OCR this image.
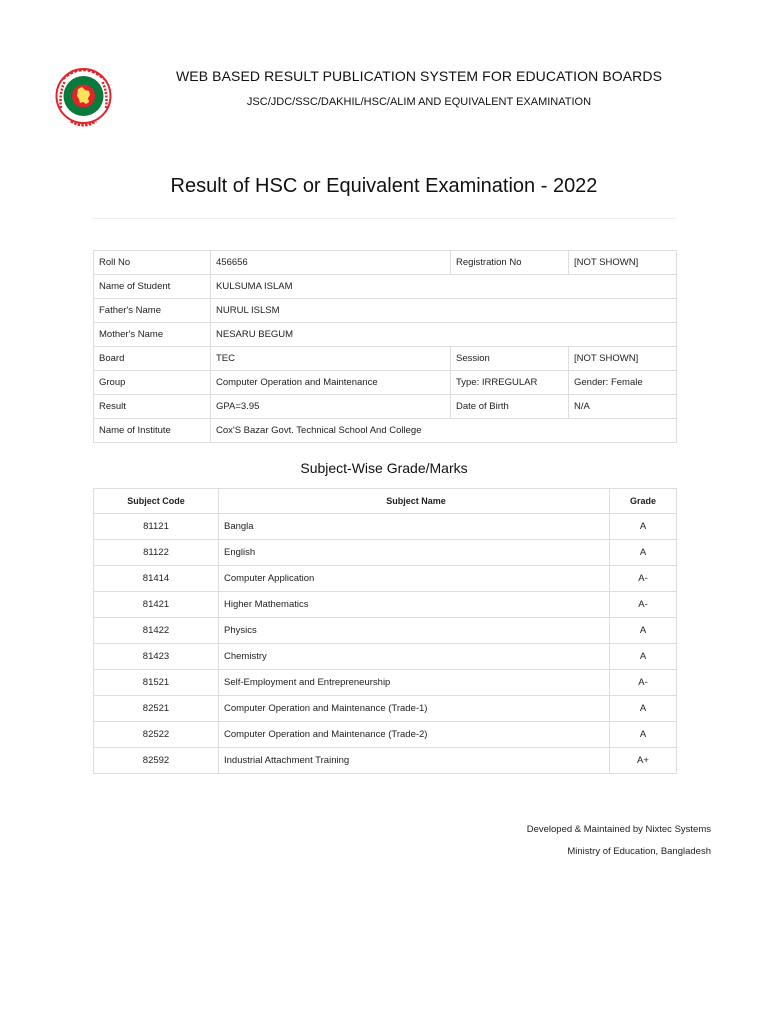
WEB BASED RESULT PUBLICATION SYSTEM FOR EDUCATION BOARDS
JSC/JDC/SSC/DAKHIL/HSC/ALIM AND EQUIVALENT EXAMINATION
Result of HSC or Equivalent Examination - 2022
Roll No	456656	Registration No	[NOT SHOWN]
Name of Student	KULSUMA ISLAM		
Father's Name	NURUL ISLSM		
Mother's Name	NESARU BEGUM		
Board	TEC	Session	[NOT SHOWN]
Group	Computer Operation and Maintenance	Type: IRREGULAR	Gender: Female
Result	GPA=3.95	Date of Birth	N/A
Name of Institute	Cox'S Bazar Govt. Technical School And College		
Subject-Wise Grade/Marks
Subject Code	Subject Name	Grade
81121	Bangla	A
81122	English	A
81414	Computer Application	A-
81421	Higher Mathematics	A-
81422	Physics	A
81423	Chemistry	A
81521	Self-Employment and Entrepreneurship	A-
82521	Computer Operation and Maintenance (Trade-1)	A
82522	Computer Operation and Maintenance (Trade-2)	A
82592	Industrial Attachment Training	A+
Developed & Maintained by Nixtec Systems
Ministry of Education, Bangladesh
